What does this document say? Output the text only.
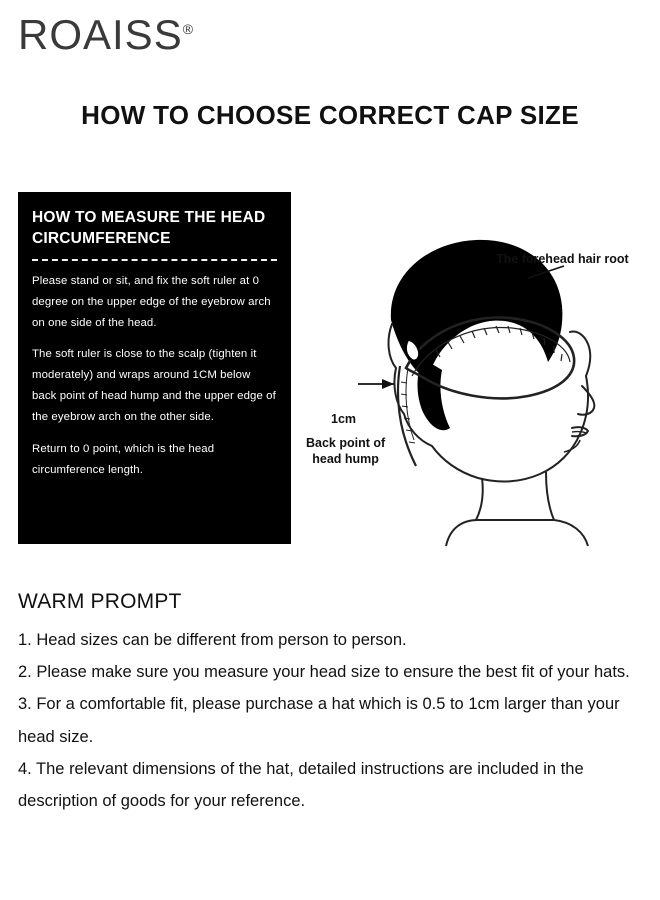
ROAISS®
HOW TO CHOOSE CORRECT CAP SIZE
HOW TO MEASURE THE HEAD CIRCUMFERENCE

Please stand or sit, and fix the soft ruler at 0 degree on the upper edge of the eyebrow arch on one side of the head.

The soft ruler is close to the scalp (tighten it moderately) and wraps around 1CM below back point of head hump and the upper edge of the eyebrow arch on the other side.

Return to 0 point, which is the head circumference length.

The forehead hair root
1cm
Back point of
head hump
WARM PROMPT
1. Head sizes can be different from person to person.
2. Please make sure you measure your head size to ensure the best fit of your hats.
3. For a comfortable fit, please purchase a hat which is 0.5 to 1cm larger than your head size.
4. The relevant dimensions of the hat, detailed instructions are included in the description of goods for your reference.
